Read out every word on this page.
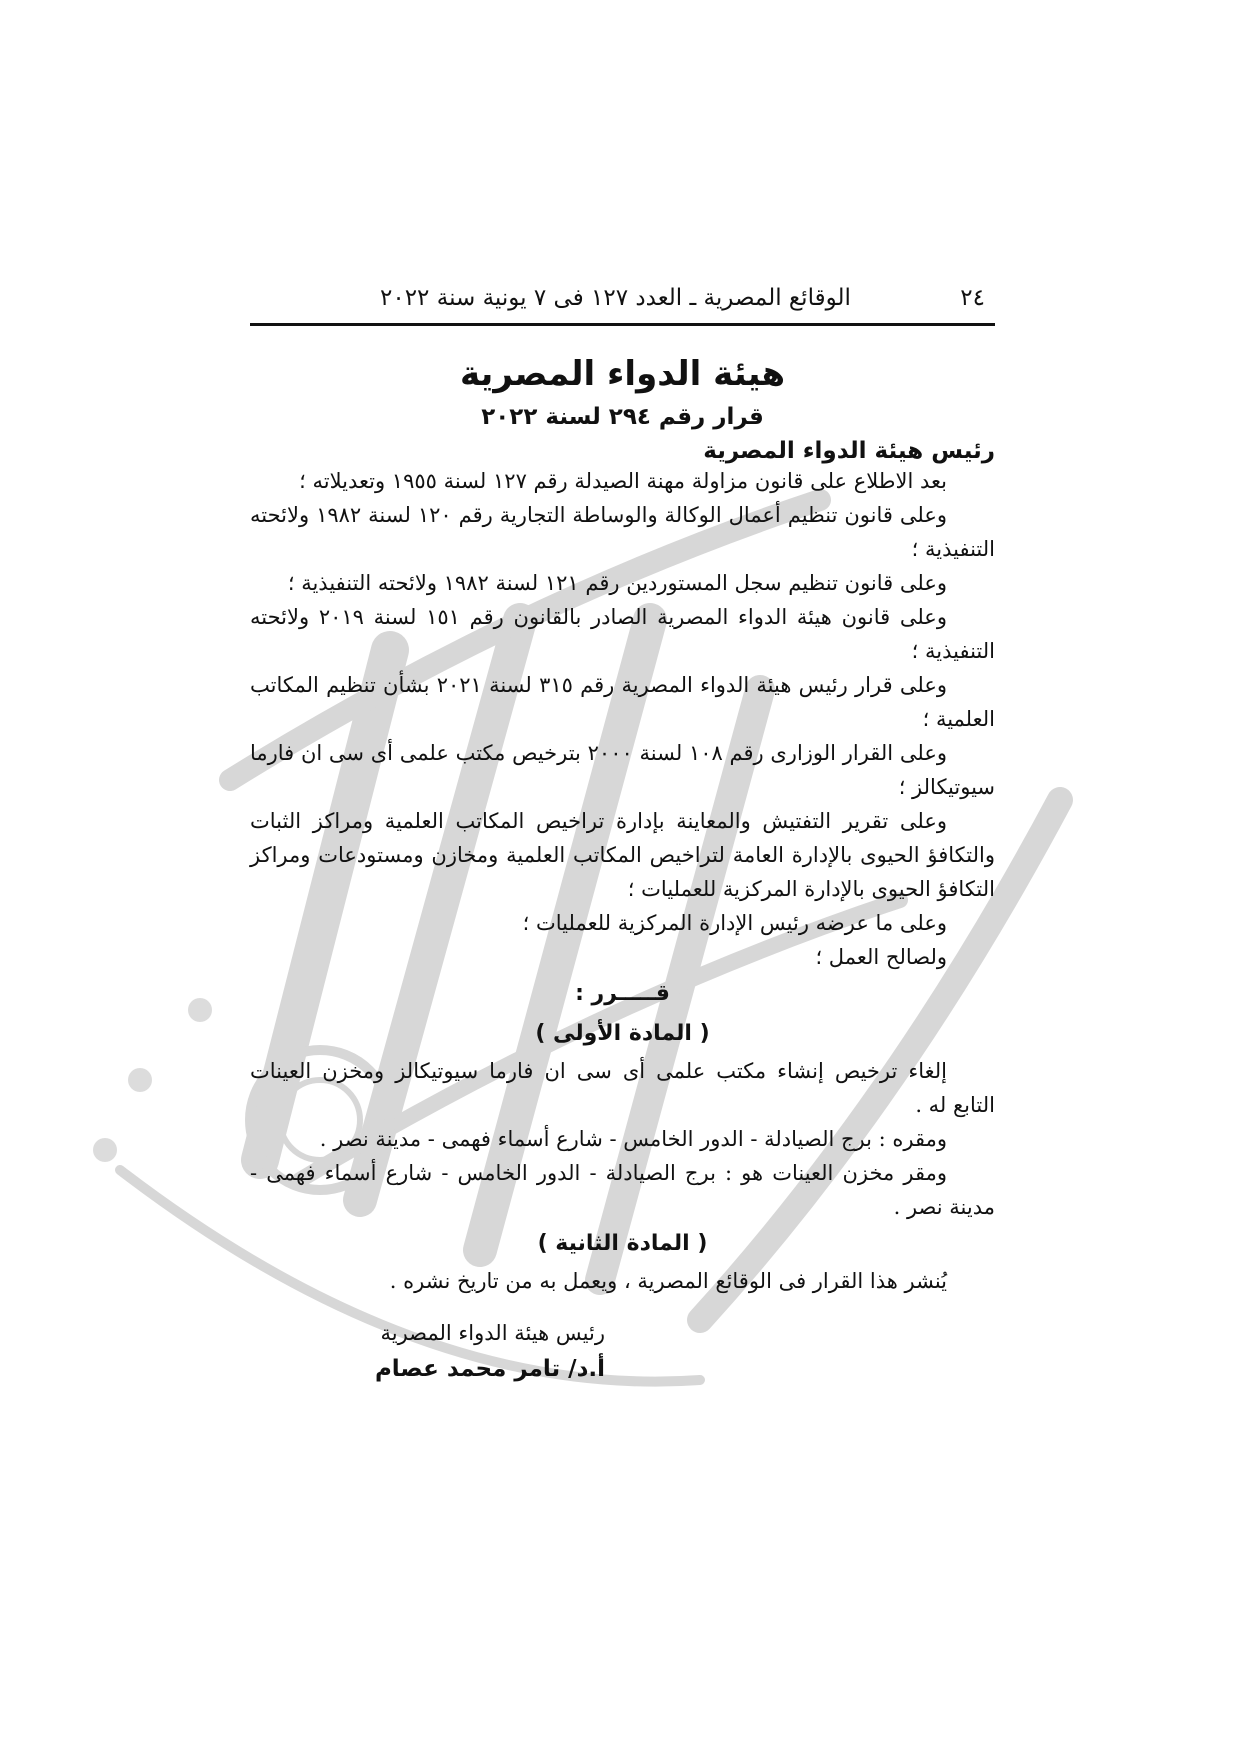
٢٤
الوقائع المصرية ـ العدد ١٢٧ فى ٧ يونية سنة ٢٠٢٢
هيئة الدواء المصرية
قرار رقم ٢٩٤ لسنة ٢٠٢٢
رئيس هيئة الدواء المصرية
بعد الاطلاع على قانون مزاولة مهنة الصيدلة رقم ١٢٧ لسنة ١٩٥٥ وتعديلاته ؛
وعلى قانون تنظيم أعمال الوكالة والوساطة التجارية رقم ١٢٠ لسنة ١٩٨٢ ولائحته التنفيذية ؛
وعلى قانون تنظيم سجل المستوردين رقم ١٢١ لسنة ١٩٨٢ ولائحته التنفيذية ؛
وعلى قانون هيئة الدواء المصرية الصادر بالقانون رقم ١٥١ لسنة ٢٠١٩ ولائحته التنفيذية ؛
وعلى قرار رئيس هيئة الدواء المصرية رقم ٣١٥ لسنة ٢٠٢١ بشأن تنظيم المكاتب العلمية ؛
وعلى القرار الوزارى رقم ١٠٨ لسنة ٢٠٠٠ بترخيص مكتب علمى أى سى ان فارما سيوتيكالز ؛
وعلى تقرير التفتيش والمعاينة بإدارة تراخيص المكاتب العلمية ومراكز الثبات والتكافؤ الحيوى بالإدارة العامة لتراخيص المكاتب العلمية ومخازن ومستودعات ومراكز التكافؤ الحيوى بالإدارة المركزية للعمليات ؛
وعلى ما عرضه رئيس الإدارة المركزية للعمليات ؛
ولصالح العمل ؛
قـــــرر :
( المادة الأولى )
إلغاء ترخيص إنشاء مكتب علمى أى سى ان فارما سيوتيكالز ومخزن العينات التابع له .
ومقره : برج الصيادلة - الدور الخامس - شارع أسماء فهمى - مدينة نصر .
ومقر مخزن العينات هو : برج الصيادلة - الدور الخامس - شارع أسماء فهمى - مدينة نصر .
( المادة الثانية )
يُنشر هذا القرار فى الوقائع المصرية ، ويعمل به من تاريخ نشره .
رئيس هيئة الدواء المصرية
أ.د/ تامر محمد عصام
